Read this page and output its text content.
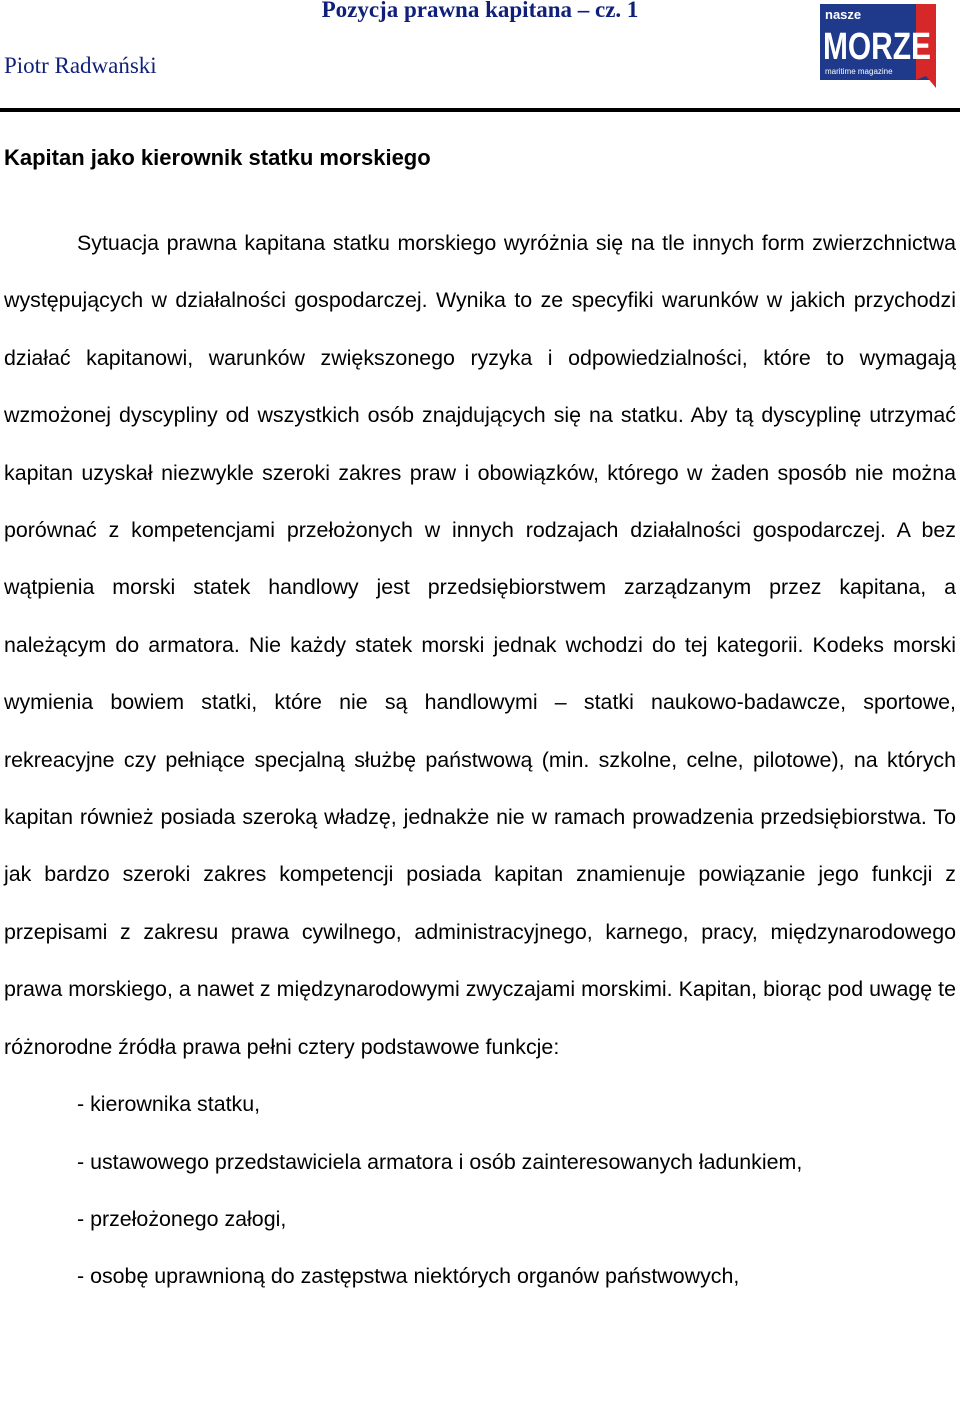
Pozycja prawna kapitana – cz. 1
Piotr Radwański
nasze
MORZE
maritime magazine
Kapitan jako kierownik statku morskiego

Sytuacja prawna kapitana statku morskiego wyróżnia się na tle innych form zwierzchnictwa występujących w działalności gospodarczej. Wynika to ze specyfiki warunków w jakich przychodzi działać kapitanowi, warunków zwiększonego ryzyka i odpowiedzialności, które to wymagają wzmożonej dyscypliny od wszystkich osób znajdujących się na statku. Aby tą dyscyplinę utrzymać kapitan uzyskał niezwykle szeroki zakres praw i obowiązków, którego w żaden sposób nie można porównać z kompetencjami przełożonych w innych rodzajach działalności gospodarczej. A bez wątpienia morski statek handlowy jest przedsiębiorstwem zarządzanym przez kapitana, a należącym do armatora. Nie każdy statek morski jednak wchodzi do tej kategorii. Kodeks morski wymienia bowiem statki, które nie są handlowymi – statki naukowo-badawcze, sportowe, rekreacyjne czy pełniące specjalną służbę państwową (min. szkolne, celne, pilotowe), na których kapitan również posiada szeroką władzę, jednakże nie w ramach prowadzenia przedsiębiorstwa. To jak bardzo szeroki zakres kompetencji posiada kapitan znamienuje powiązanie jego funkcji z przepisami z zakresu prawa cywilnego, administracyjnego, karnego, pracy, międzynarodowego prawa morskiego, a nawet z międzynarodowymi zwyczajami morskimi. Kapitan, biorąc pod uwagę te różnorodne źródła prawa pełni cztery podstawowe funkcje:

- kierownika statku,
- ustawowego przedstawiciela armatora i osób zainteresowanych ładunkiem,
- przełożonego załogi,
- osobę uprawnioną do zastępstwa niektórych organów państwowych,
